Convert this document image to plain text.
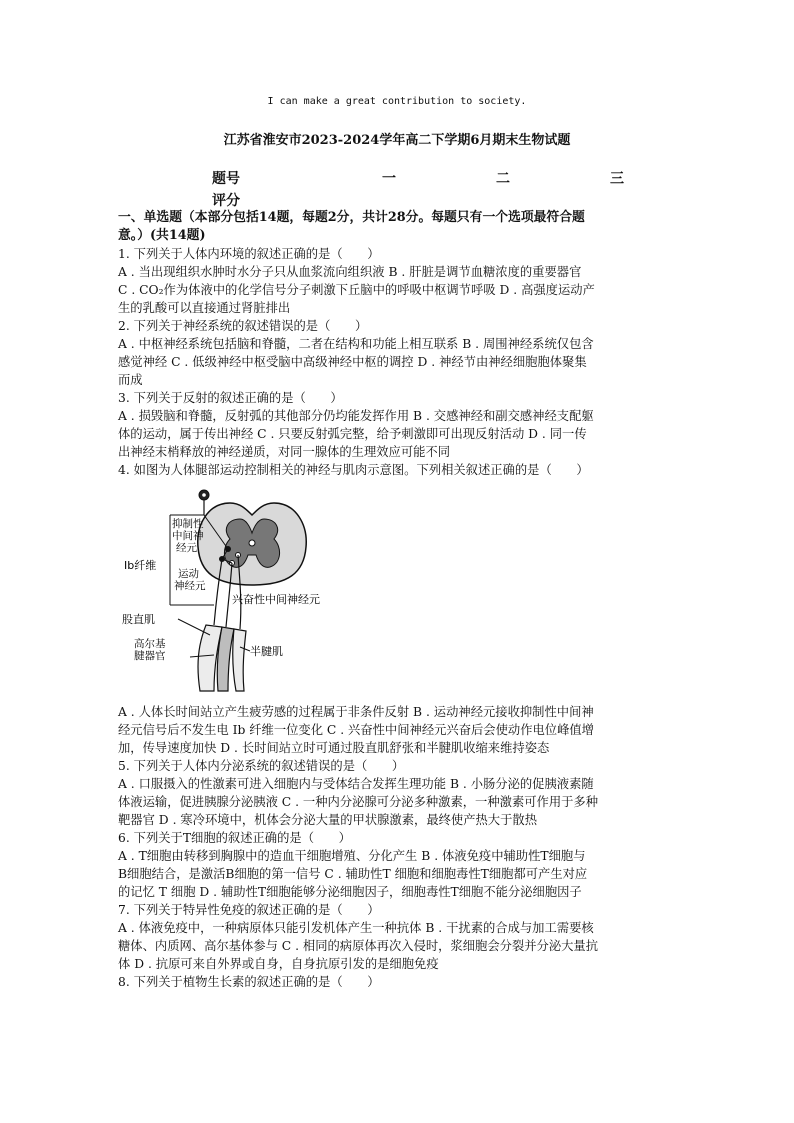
I can make a great contribution to society.
江苏省淮安市2023-2024学年高二下学期6月期末生物试题
题号	一	二	三
评分

一、单选题（本部分包括14题，每题2分，共计28分。每题只有一个选项最符合题

意。）(共14题)

1. 下列关于人体内环境的叙述正确的是（　　）

A . 当出现组织水肿时水分子只从血浆流向组织液 B . 肝脏是调节血糖浓度的重要器官

C . CO₂作为体液中的化学信号分子刺激下丘脑中的呼吸中枢调节呼吸 D . 高强度运动产

生的乳酸可以直接通过肾脏排出

2. 下列关于神经系统的叙述错误的是（　　）

A . 中枢神经系统包括脑和脊髓，二者在结构和功能上相互联系 B . 周围神经系统仅包含

感觉神经 C . 低级神经中枢受脑中高级神经中枢的调控 D . 神经节由神经细胞胞体聚集

而成

3. 下列关于反射的叙述正确的是（　　）

A . 损毁脑和脊髓，反射弧的其他部分仍均能发挥作用 B . 交感神经和副交感神经支配躯

体的运动，属于传出神经 C . 只要反射弧完整，给予刺激即可出现反射活动 D . 同一传

出神经末梢释放的神经递质，对同一腺体的生理效应可能不同

4. 如图为人体腿部运动控制相关的神经与肌肉示意图。下列相关叙述正确的是（　　）

抑制性
中间神
经元
Ib纤维
运动
神经元
兴奋性中间神经元
股直肌
高尔基
腱器官	半腱肌

A . 人体长时间站立产生疲劳感的过程属于非条件反射 B . 运动神经元接收抑制性中间神

经元信号后不发生电 Ib 纤维一位变化 C . 兴奋性中间神经元兴奋后会使动作电位峰值增

加，传导速度加快 D . 长时间站立时可通过股直肌舒张和半腱肌收缩来维持姿态

5. 下列关于人体内分泌系统的叙述错误的是（　　）

A . 口服摄入的性激素可进入细胞内与受体结合发挥生理功能 B . 小肠分泌的促胰液素随

体液运输，促进胰腺分泌胰液 C . 一种内分泌腺可分泌多种激素，一种激素可作用于多种

靶器官 D . 寒冷环境中，机体会分泌大量的甲状腺激素，最终使产热大于散热

6. 下列关于T细胞的叙述正确的是（　　）

A . T细胞由转移到胸腺中的造血干细胞增殖、分化产生 B . 体液免疫中辅助性T细胞与

B细胞结合，是激活B细胞的第一信号 C . 辅助性T 细胞和细胞毒性T细胞都可产生对应

的记忆 T 细胞 D . 辅助性T细胞能够分泌细胞因子，细胞毒性T细胞不能分泌细胞因子

7. 下列关于特异性免疫的叙述正确的是（　　）

A . 体液免疫中，一种病原体只能引发机体产生一种抗体 B . 干扰素的合成与加工需要核

糖体、内质网、高尔基体参与 C . 相同的病原体再次入侵时，浆细胞会分裂并分泌大量抗

体 D . 抗原可来自外界或自身，自身抗原引发的是细胞免疫

8. 下列关于植物生长素的叙述正确的是（　　）
